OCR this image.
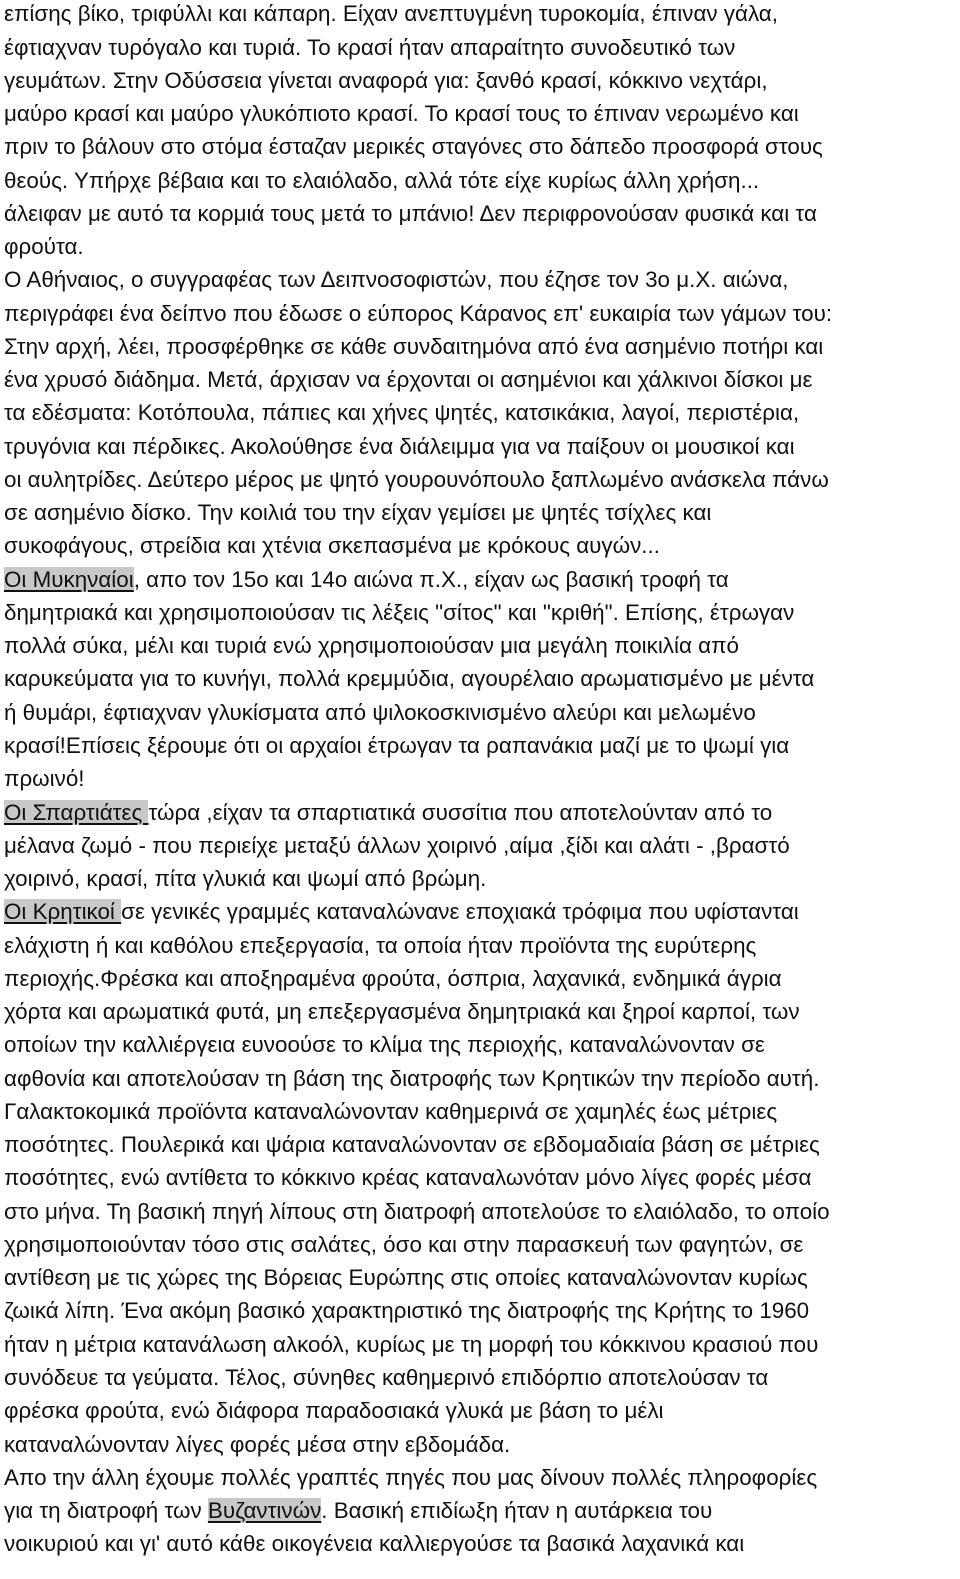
επίσης βίκο, τριφύλλι και κάπαρη. Είχαν ανεπτυγμένη τυροκομία, έπιναν γάλα,
έφτιαχναν τυρόγαλο και τυριά. Το κρασί ήταν απαραίτητο συνοδευτικό των
γευμάτων. Στην Οδύσσεια γίνεται αναφορά για: ξανθό κρασί, κόκκινο νεχτάρι,
μαύρο κρασί και μαύρο γλυκόπιοτο κρασί. Το κρασί τους το έπιναν νερωμένο και
πριν το βάλουν στο στόμα έσταζαν μερικές σταγόνες στο δάπεδο προσφορά στους
θεούς. Υπήρχε βέβαια και το ελαιόλαδο, αλλά τότε είχε κυρίως άλλη χρήση...
άλειφαν με αυτό τα κορμιά τους μετά το μπάνιο! Δεν περιφρονούσαν φυσικά και τα
φρούτα.
Ο Αθήναιος, ο συγγραφέας των Δειπνοσοφιστών, που έζησε τον 3ο μ.Χ. αιώνα,
περιγράφει ένα δείπνο που έδωσε ο εύπορος Κάρανος επ' ευκαιρία των γάμων του:
Στην αρχή, λέει, προσφέρθηκε σε κάθε συνδαιτημόνα από ένα ασημένιο ποτήρι και
ένα χρυσό διάδημα. Μετά, άρχισαν να έρχονται οι ασημένιοι και χάλκινοι δίσκοι με
τα εδέσματα: Κοτόπουλα, πάπιες και χήνες ψητές, κατσικάκια, λαγοί, περιστέρια,
τρυγόνια και πέρδικες. Ακολούθησε ένα διάλειμμα για να παίξουν οι μουσικοί και
οι αυλητρίδες. Δεύτερο μέρος με ψητό γουρουνόπουλο ξαπλωμένο ανάσκελα πάνω
σε ασημένιο δίσκο. Την κοιλιά του την είχαν γεμίσει με ψητές τσίχλες και
συκοφάγους, στρείδια και χτένια σκεπασμένα με κρόκους αυγών...
Οι Μυκηναίοι, απο τον 15ο και 14ο αιώνα π.Χ., είχαν ως βασική τροφή τα
δημητριακά και χρησιμοποιούσαν τις λέξεις "σίτος" και "κριθή". Επίσης, έτρωγαν
πολλά σύκα, μέλι και τυριά ενώ χρησιμοποιούσαν μια μεγάλη ποικιλία από
καρυκεύματα για το κυνήγι, πολλά κρεμμύδια, αγουρέλαιο αρωματισμένο με μέντα
ή θυμάρι, έφτιαχναν γλυκίσματα από ψιλοκοσκινισμένο αλεύρι και μελωμένο
κρασί!Επίσεις ξέρουμε ότι οι αρχαίοι έτρωγαν τα ραπανάκια μαζί με το ψωμί για
πρωινό!
Οι Σπαρτιάτες τώρα ,είχαν τα σπαρτιατικά συσσίτια που αποτελούνταν από το
μέλανα ζωμό - που περιείχε μεταξύ άλλων χοιρινό ,αίμα ,ξίδι και αλάτι - ,βραστό
χοιρινό, κρασί, πίτα γλυκιά και ψωμί από βρώμη.
Οι Κρητικοί σε γενικές γραμμές καταναλώνανε εποχιακά τρόφιμα που υφίστανται
ελάχιστη ή και καθόλου επεξεργασία, τα οποία ήταν προϊόντα της ευρύτερης
περιοχής.Φρέσκα και αποξηραμένα φρούτα, όσπρια, λαχανικά, ενδημικά άγρια
χόρτα και αρωματικά φυτά, μη επεξεργασμένα δημητριακά και ξηροί καρποί, των
οποίων την καλλιέργεια ευνοούσε το κλίμα της περιοχής, καταναλώνονταν σε
αφθονία και αποτελούσαν τη βάση της διατροφής των Κρητικών την περίοδο αυτή.
Γαλακτοκομικά προϊόντα καταναλώνονταν καθημερινά σε χαμηλές έως μέτριες
ποσότητες. Πουλερικά και ψάρια καταναλώνονταν σε εβδομαδιαία βάση σε μέτριες
ποσότητες, ενώ αντίθετα το κόκκινο κρέας καταναλωνόταν μόνο λίγες φορές μέσα
στο μήνα. Τη βασική πηγή λίπους στη διατροφή αποτελούσε το ελαιόλαδο, το οποίο
χρησιμοποιούνταν τόσο στις σαλάτες, όσο και στην παρασκευή των φαγητών, σε
αντίθεση με τις χώρες της Βόρειας Ευρώπης στις οποίες καταναλώνονταν κυρίως
ζωικά λίπη. Ένα ακόμη βασικό χαρακτηριστικό της διατροφής της Κρήτης το 1960
ήταν η μέτρια κατανάλωση αλκοόλ, κυρίως με τη μορφή του κόκκινου κρασιού που
συνόδευε τα γεύματα. Τέλος, σύνηθες καθημερινό επιδόρπιο αποτελούσαν τα
φρέσκα φρούτα, ενώ διάφορα παραδοσιακά γλυκά με βάση το μέλι
καταναλώνονταν λίγες φορές μέσα στην εβδομάδα.
Απο την άλλη έχουμε πολλές γραπτές πηγές που μας δίνουν πολλές πληροφορίες
για τη διατροφή των Βυζαντινών. Βασική επιδίωξη ήταν η αυτάρκεια του
νοικυριού και γι' αυτό κάθε οικογένεια καλλιεργούσε τα βασικά λαχανικά και
